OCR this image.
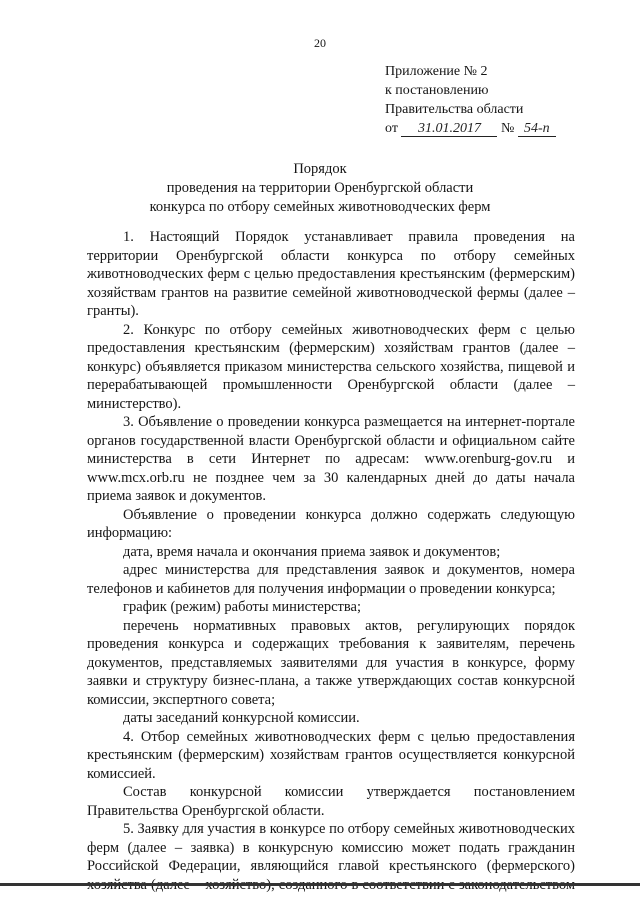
20
Приложение № 2
к постановлению
Правительства области
от 31.01.2017 № 54-п
Порядок
проведения на территории Оренбургской области
конкурса по отбору семейных животноводческих ферм

1. Настоящий Порядок устанавливает правила проведения на территории Оренбургской области конкурса по отбору семейных животноводческих ферм с целью предоставления крестьянским (фермерским) хозяйствам грантов на развитие семейной животноводческой фермы (далее – гранты).

2. Конкурс по отбору семейных животноводческих ферм с целью предоставления крестьянским (фермерским) хозяйствам грантов (далее – конкурс) объявляется приказом министерства сельского хозяйства, пищевой и перерабатывающей промышленности Оренбургской области (далее – министерство).

3. Объявление о проведении конкурса размещается на интернет-портале органов государственной власти Оренбургской области и официальном сайте министерства в сети Интернет по адресам: www.orenburg-gov.ru и www.mcx.orb.ru не позднее чем за 30 календарных дней до даты начала приема заявок и документов.

Объявление о проведении конкурса должно содержать следующую информацию:

дата, время начала и окончания приема заявок и документов;

адрес министерства для представления заявок и документов, номера телефонов и кабинетов для получения информации о проведении конкурса;

график (режим) работы министерства;

перечень нормативных правовых актов, регулирующих порядок проведения конкурса и содержащих требования к заявителям, перечень документов, представляемых заявителями для участия в конкурсе, форму заявки и структуру бизнес-плана, а также утверждающих состав конкурсной комиссии, экспертного совета;

даты заседаний конкурсной комиссии.

4. Отбор семейных животноводческих ферм с целью предоставления крестьянским (фермерским) хозяйствам грантов осуществляется конкурсной комиссией.

Состав конкурсной комиссии утверждается постановлением Правительства Оренбургской области.

5. Заявку для участия в конкурсе по отбору семейных животноводческих ферм (далее – заявка) в конкурсную комиссию может подать гражданин Российской Федерации, являющийся главой крестьянского (фермерского)
